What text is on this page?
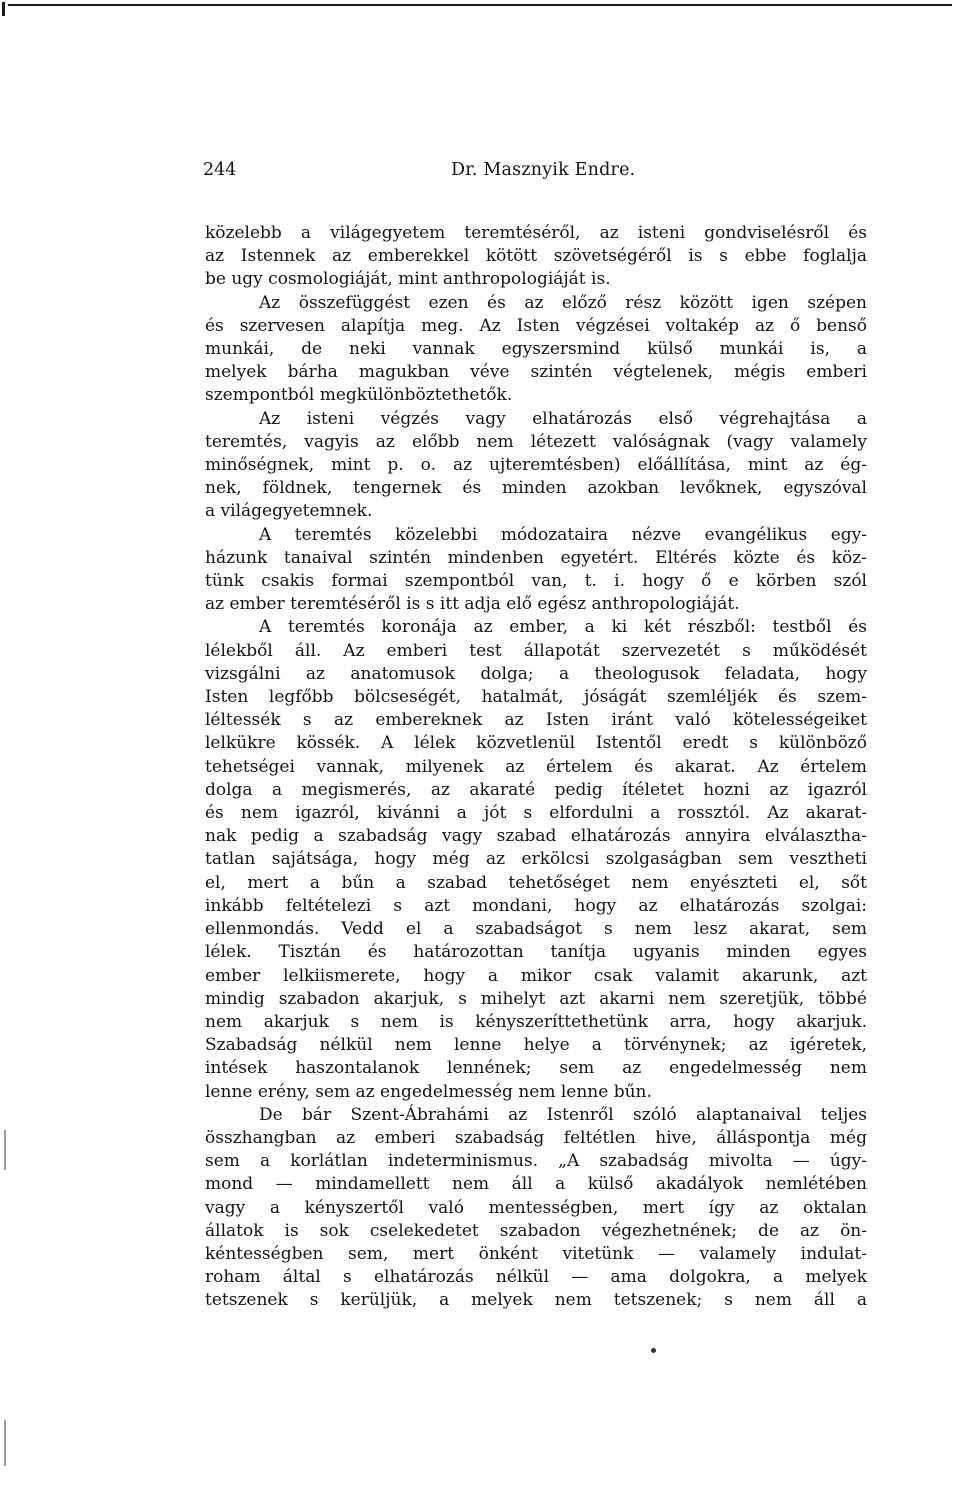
244	Dr. Masznyik Endre.
közelebb a világegyetem teremtéséről, az isteni gondviselésről és
az Istennek az emberekkel kötött szövetségéről is s ebbe foglalja
be ugy cosmologiáját, mint anthropologiáját is.
Az összefüggést ezen és az előző rész között igen szépen
és szervesen alapítja meg. Az Isten végzései voltakép az ő benső
munkái, de neki vannak egyszersmind külső munkái is, a
melyek bárha magukban véve szintén végtelenek, mégis emberi
szempontból megkülönböztethetők.
Az isteni végzés vagy elhatározás első végrehajtása a
teremtés, vagyis az előbb nem létezett valóságnak (vagy valamely
minőségnek, mint p. o. az ujteremtésben) előállítása, mint az ég-
nek, földnek, tengernek és minden azokban levőknek, egyszóval
a világegyetemnek.
A teremtés közelebbi módozataira nézve evangélikus egy-
házunk tanaival szintén mindenben egyetért. Eltérés közte és köz-
tünk csakis formai szempontból van, t. i. hogy ő e körben szól
az ember teremtéséről is s itt adja elő egész anthropologiáját.
A teremtés koronája az ember, a ki két részből: testből és
lélekből áll. Az emberi test állapotát szervezetét s működését
vizsgálni az anatomusok dolga; a theologusok feladata, hogy
Isten legfőbb bölcseségét, hatalmát, jóságát szemléljék és szem-
léltessék s az embereknek az Isten iránt való kötelességeiket
lelkükre kössék. A lélek közvetlenül Istentől eredt s különböző
tehetségei vannak, milyenek az értelem és akarat. Az értelem
dolga a megismerés, az akaraté pedig ítéletet hozni az igazról
és nem igazról, kivánni a jót s elfordulni a rossztól. Az akarat-
nak pedig a szabadság vagy szabad elhatározás annyira elválasztha-
tatlan sajátsága, hogy még az erkölcsi szolgaságban sem vesztheti
el, mert a bűn a szabad tehetőséget nem enyészteti el, sőt
inkább feltételezi s azt mondani, hogy az elhatározás szolgai:
ellenmondás. Vedd el a szabadságot s nem lesz akarat, sem
lélek. Tisztán és határozottan tanítja ugyanis minden egyes
ember lelkiismerete, hogy a mikor csak valamit akarunk, azt
mindig szabadon akarjuk, s mihelyt azt akarni nem szeretjük, többé
nem akarjuk s nem is kényszeríttethetünk arra, hogy akarjuk.
Szabadság nélkül nem lenne helye a törvénynek; az igéretek,
intések haszontalanok lennének; sem az engedelmesség nem
lenne erény, sem az engedelmesség nem lenne bűn.
De bár Szent-Ábrahámi az Istenről szóló alaptanaival teljes
összhangban az emberi szabadság feltétlen hive, álláspontja még
sem a korlátlan indeterminismus. „A szabadság mivolta — úgy-
mond — mindamellett nem áll a külső akadályok nemlétében
vagy a kényszertől való mentességben, mert így az oktalan
állatok is sok cselekedetet szabadon végezhetnének; de az ön-
kéntességben sem, mert önként vitetünk — valamely indulat-
roham által s elhatározás nélkül — ama dolgokra, a melyek
tetszenek s kerüljük, a melyek nem tetszenek; s nem áll a
